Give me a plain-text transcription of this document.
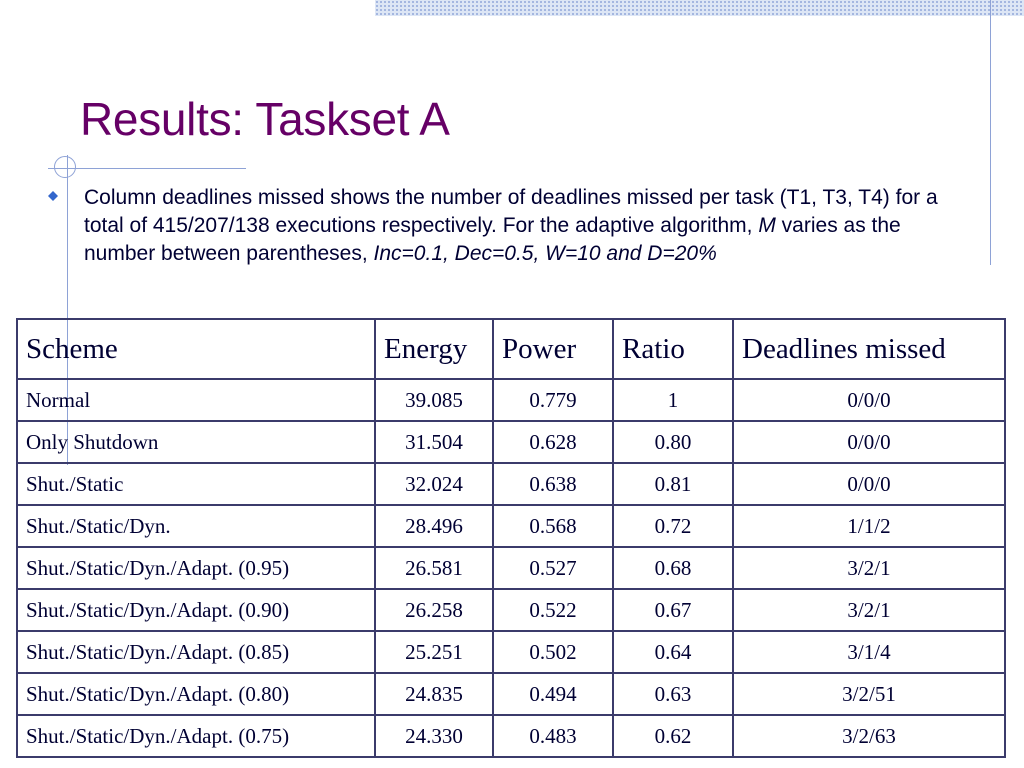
Results: Taskset A

Column deadlines missed shows the number of deadlines missed per task (T1, T3, T4) for a total of 415/207/138 executions respectively. For the adaptive algorithm, M varies as the number between parentheses, Inc=0.1, Dec=0.5, W=10 and D=20%

Scheme	Energy	Power	Ratio	Deadlines missed
Normal	39.085	0.779	1	0/0/0
Only Shutdown	31.504	0.628	0.80	0/0/0
Shut./Static	32.024	0.638	0.81	0/0/0
Shut./Static/Dyn.	28.496	0.568	0.72	1/1/2
Shut./Static/Dyn./Adapt. (0.95)	26.581	0.527	0.68	3/2/1
Shut./Static/Dyn./Adapt. (0.90)	26.258	0.522	0.67	3/2/1
Shut./Static/Dyn./Adapt. (0.85)	25.251	0.502	0.64	3/1/4
Shut./Static/Dyn./Adapt. (0.80)	24.835	0.494	0.63	3/2/51
Shut./Static/Dyn./Adapt. (0.75)	24.330	0.483	0.62	3/2/63
